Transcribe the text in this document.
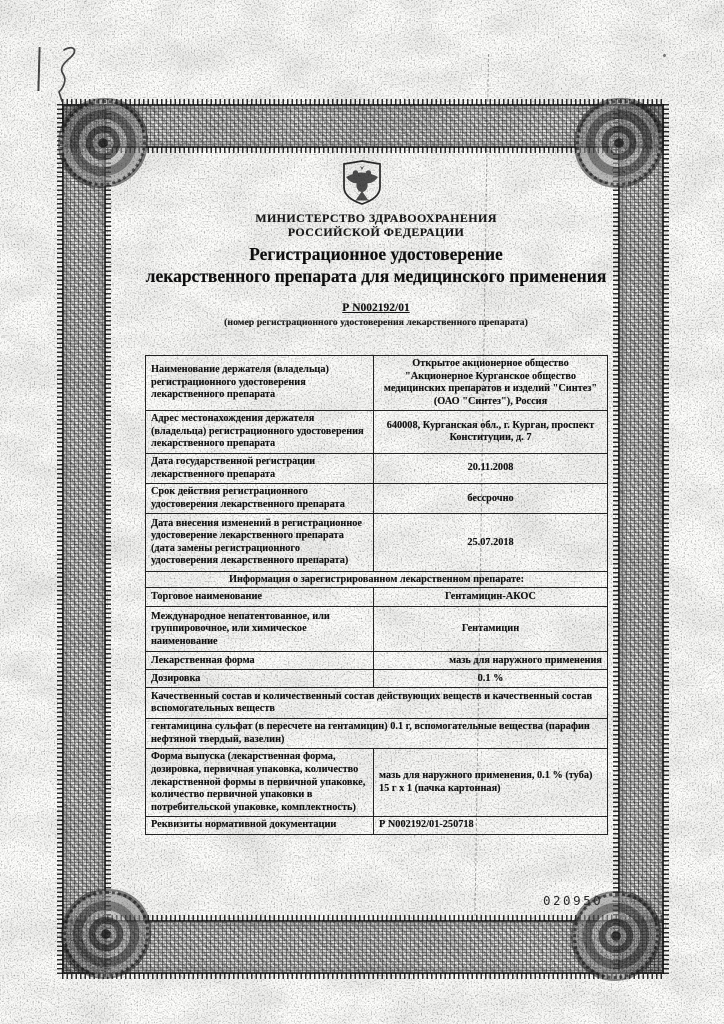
МИНИСТЕРСТВО ЗДРАВООХРАНЕНИЯ
РОССИЙСКОЙ ФЕДЕРАЦИИ
Регистрационное удостоверение
лекарственного препарата для медицинского применения
Р N002192/01
(номер регистрационного удостоверения лекарственного препарата)
Наименование держателя (владельца) регистрационного удостоверения лекарственного препарата	Открытое акционерное общество "Акционерное Курганское общество медицинских препаратов и изделий "Синтез" (ОАО "Синтез"), Россия
Адрес местонахождения держателя (владельца) регистрационного удостоверения лекарственного препарата	640008, Курганская обл., г. Курган, проспект Конституции, д. 7
Дата государственной регистрации лекарственного препарата	20.11.2008
Срок действия регистрационного удостоверения лекарственного препарата	бессрочно
Дата внесения изменений в регистрационное удостоверение лекарственного препарата (дата замены регистрационного удостоверения лекарственного препарата)	25.07.2018
Информация о зарегистрированном лекарственном препарате:	
Торговое наименование	Гентамицин-АКОС
Международное непатентованное, или группировочное, или химическое наименование	Гентамицин
Лекарственная форма	мазь для наружного применения
Дозировка	0.1 %
Качественный состав и количественный состав действующих веществ и качественный состав вспомогательных веществ	
гентамицина сульфат (в пересчете на гентамицин) 0.1 г, вспомогательные вещества (парафин нефтяной твердый, вазелин)	
Форма выпуска (лекарственная форма, дозировка, первичная упаковка, количество лекарственной формы в первичной упаковке, количество первичной упаковки в потребительской упаковке, комплектность)	мазь для наружного применения, 0.1 % (туба) 15 г х 1 (пачка картонная)
Реквизиты нормативной документации	Р N002192/01-250718
020950
